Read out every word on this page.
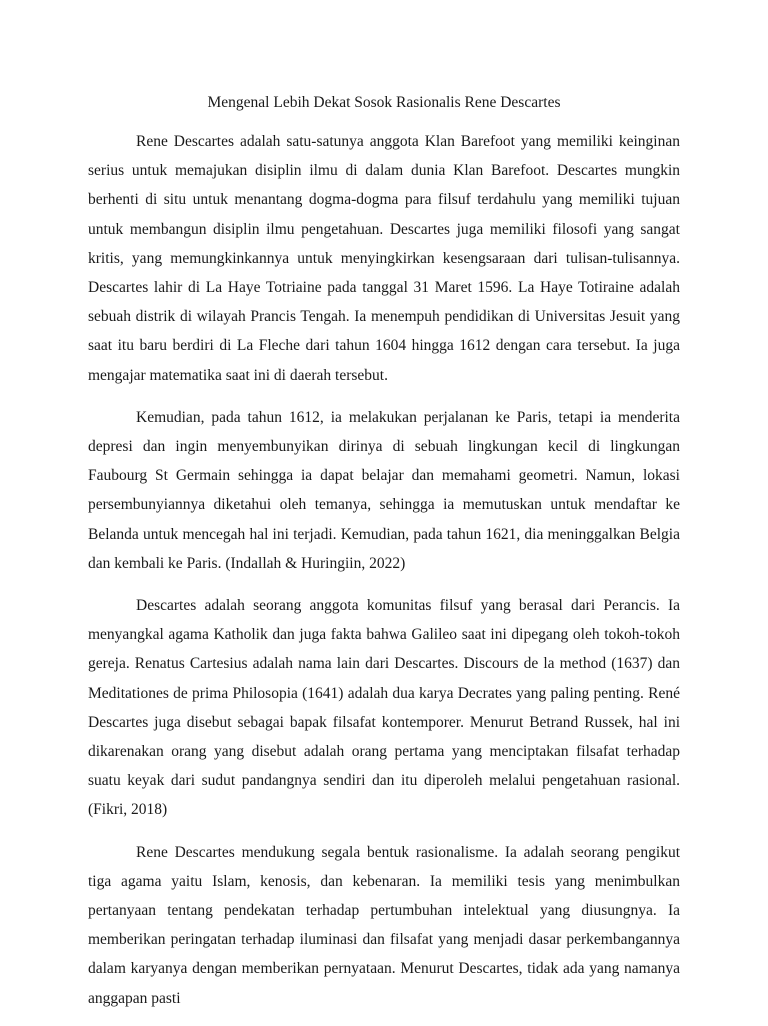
Mengenal Lebih Dekat Sosok Rasionalis Rene Descartes

Rene Descartes adalah satu-satunya anggota Klan Barefoot yang memiliki keinginan serius untuk memajukan disiplin ilmu di dalam dunia Klan Barefoot. Descartes mungkin berhenti di situ untuk menantang dogma-dogma para filsuf terdahulu yang memiliki tujuan untuk membangun disiplin ilmu pengetahuan. Descartes juga memiliki filosofi yang sangat kritis, yang memungkinkannya untuk menyingkirkan kesengsaraan dari tulisan-tulisannya. Descartes lahir di La Haye Totriaine pada tanggal 31 Maret 1596. La Haye Totiraine adalah sebuah distrik di wilayah Prancis Tengah. Ia menempuh pendidikan di Universitas Jesuit yang saat itu baru berdiri di La Fleche dari tahun 1604 hingga 1612 dengan cara tersebut. Ia juga mengajar matematika saat ini di daerah tersebut.

Kemudian, pada tahun 1612, ia melakukan perjalanan ke Paris, tetapi ia menderita depresi dan ingin menyembunyikan dirinya di sebuah lingkungan kecil di lingkungan Faubourg St Germain sehingga ia dapat belajar dan memahami geometri. Namun, lokasi persembunyiannya diketahui oleh temanya, sehingga ia memutuskan untuk mendaftar ke Belanda untuk mencegah hal ini terjadi. Kemudian, pada tahun 1621, dia meninggalkan Belgia dan kembali ke Paris. (Indallah & Huringiin, 2022)

Descartes adalah seorang anggota komunitas filsuf yang berasal dari Perancis. Ia menyangkal agama Katholik dan juga fakta bahwa Galileo saat ini dipegang oleh tokoh-tokoh gereja. Renatus Cartesius adalah nama lain dari Descartes. Discours de la method (1637) dan Meditationes de prima Philosopia (1641) adalah dua karya Decrates yang paling penting. René Descartes juga disebut sebagai bapak filsafat kontemporer. Menurut Betrand Russek, hal ini dikarenakan orang yang disebut adalah orang pertama yang menciptakan filsafat terhadap suatu keyak dari sudut pandangnya sendiri dan itu diperoleh melalui pengetahuan rasional. (Fikri, 2018)

Rene Descartes mendukung segala bentuk rasionalisme. Ia adalah seorang pengikut tiga agama yaitu Islam, kenosis, dan kebenaran. Ia memiliki tesis yang menimbulkan pertanyaan tentang pendekatan terhadap pertumbuhan intelektual yang diusungnya. Ia memberikan peringatan terhadap iluminasi dan filsafat yang menjadi dasar perkembangannya dalam karyanya dengan memberikan pernyataan. Menurut Descartes, tidak ada yang namanya anggapan pasti
